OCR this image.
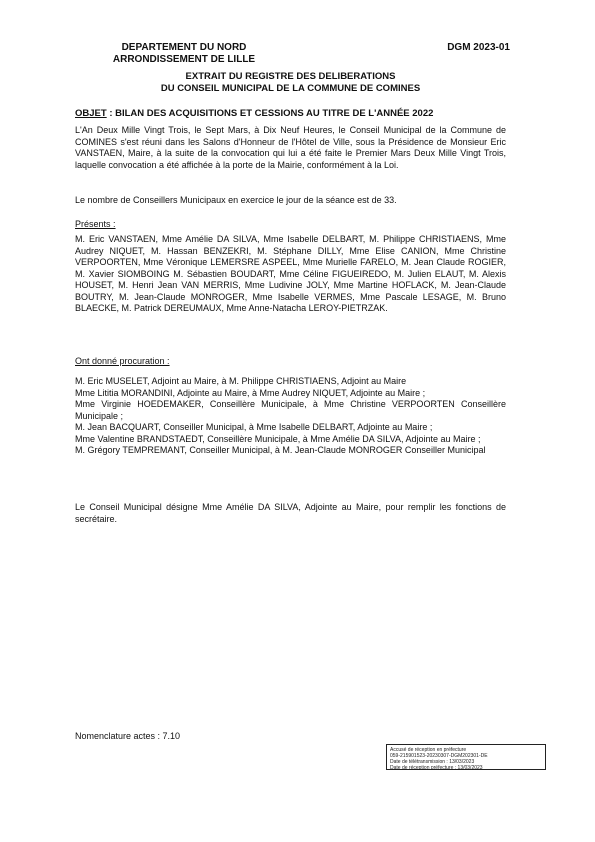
DEPARTEMENT DU NORD
ARRONDISSEMENT DE LILLE
DGM 2023-01
EXTRAIT DU REGISTRE DES DELIBERATIONS
DU CONSEIL MUNICIPAL DE LA COMMUNE DE COMINES
OBJET : BILAN DES ACQUISITIONS ET CESSIONS AU TITRE DE L'ANNÉE 2022

L'An Deux Mille Vingt Trois, le Sept Mars, à Dix Neuf Heures, le Conseil Municipal de la Commune de COMINES s'est réuni dans les Salons d'Honneur de l'Hôtel de Ville, sous la Présidence de Monsieur Eric VANSTAEN, Maire, à la suite de la convocation qui lui a été faite le Premier Mars Deux Mille Vingt Trois, laquelle convocation a été affichée à la porte de la Mairie, conformément à la Loi.

Le nombre de Conseillers Municipaux en exercice le jour de la séance est de 33.

Présents :

M. Eric VANSTAEN, Mme Amélie DA SILVA, Mme Isabelle DELBART, M. Philippe CHRISTIAENS, Mme Audrey NIQUET, M. Hassan BENZEKRI, M. Stéphane DILLY, Mme Elise CANION, Mme Christine VERPOORTEN, Mme Véronique LEMERSRE ASPEEL, Mme Murielle FARELO, M. Jean Claude ROGIER, M. Xavier SIOMBOING M. Sébastien BOUDART, Mme Céline FIGUEIREDO, M. Julien ELAUT, M. Alexis HOUSET, M. Henri Jean VAN MERRIS, Mme Ludivine JOLY, Mme Martine HOFLACK, M. Jean-Claude BOUTRY, M. Jean-Claude MONROGER, Mme Isabelle VERMES, Mme Pascale LESAGE, M. Bruno BLAECKE, M. Patrick DEREUMAUX, Mme Anne-Natacha LEROY-PIETRZAK.

Ont donné procuration :

M. Eric MUSELET, Adjoint au Maire, à M. Philippe CHRISTIAENS, Adjoint au Maire
Mme Lititia MORANDINI, Adjointe au Maire, à Mme Audrey NIQUET, Adjointe au Maire ;
Mme Virginie HOEDEMAKER, Conseillère Municipale, à Mme Christine VERPOORTEN Conseillère Municipale ;
M. Jean BACQUART, Conseiller Municipal, à Mme Isabelle DELBART, Adjointe au Maire ;
Mme Valentine BRANDSTAEDT, Conseillère Municipale, à Mme Amélie DA SILVA, Adjointe au Maire ;
M. Grégory TEMPREMANT, Conseiller Municipal, à M. Jean-Claude MONROGER Conseiller Municipal

Le Conseil Municipal désigne Mme Amélie DA SILVA, Adjointe au Maire, pour remplir les fonctions de secrétaire.

Nomenclature actes : 7.10

Accusé de réception en préfecture
059-215901523-20230307-DGM202301-DE
Date de télétransmission : 13/03/2023
Date de réception préfecture : 13/03/2023
